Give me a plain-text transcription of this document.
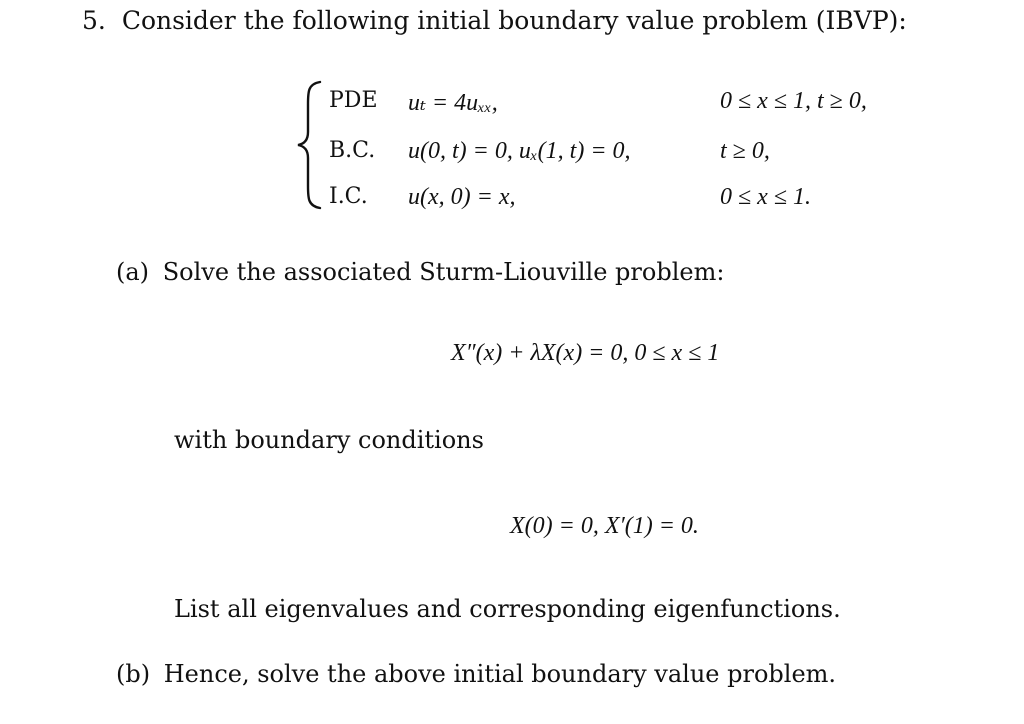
5. Consider the following initial boundary value problem (IBVP):
PDE uₜ = 4uₓₓ,	0 ≤ x ≤ 1, t ≥ 0,
B.C. u(0, t) = 0, uₓ(1, t) = 0,	t ≥ 0,
I.C. u(x, 0) = x,	0 ≤ x ≤ 1.
(a) Solve the associated Sturm-Liouville problem:
X″(x) + λX(x) = 0, 0 ≤ x ≤ 1
with boundary conditions
X(0) = 0, X′(1) = 0.
List all eigenvalues and corresponding eigenfunctions.
(b) Hence, solve the above initial boundary value problem.
